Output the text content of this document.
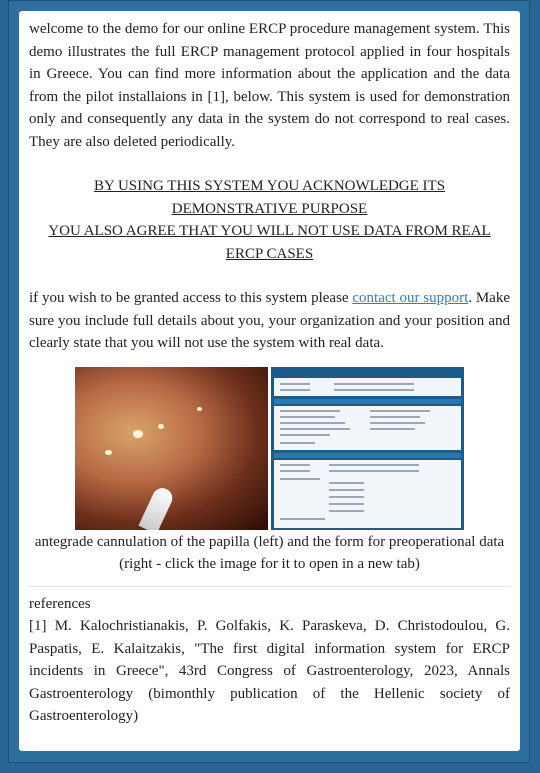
welcome to the demo for our online ERCP procedure management system. This demo illustrates the full ERCP management protocol applied in four hospitals in Greece. You can find more information about the application and the data from the pilot installaions in [1], below. This system is used for demonstration only and consequently any data in the system do not correspond to real cases. They are also deleted periodically.

BY USING THIS SYSTEM YOU ACKNOWLEDGE ITS
DEMONSTRATIVE PURPOSE
YOU ALSO AGREE THAT YOU WILL NOT USE DATA FROM REAL
ERCP CASES

if you wish to be granted access to this system please contact our support. Make sure you include full details about you, your organization and your position and clearly state that you will not use the system with real data.

antegrade cannulation of the papilla (left) and the form for preoperational data (right - click the image for it to open in a new tab)

references

[1] M. Kalochristianakis, P. Golfakis, K. Paraskeva, D. Christodoulou, G. Paspatis, E. Kalaitzakis, "The first digital information system for ERCP incidents in Greece", 43rd Congress of Gastroenterology, 2023, Annals Gastroenterology (bimonthly publication of the Hellenic society of Gastroenterology)
